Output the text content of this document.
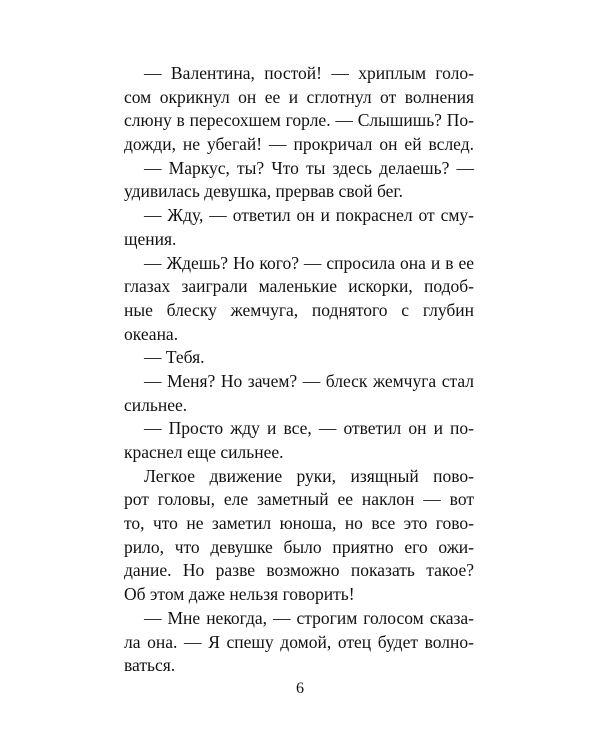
— Валентина, постой! — хриплым голо-

сом окрикнул он ее и сглотнул от волнения

слюну в пересохшем горле. — Слышишь? По-

дожди, не убегай! — прокричал он ей вслед.

— Маркус, ты? Что ты здесь делаешь? —

удивилась девушка, прервав свой бег.

— Жду, — ответил он и покраснел от сму-

щения.

— Ждешь? Но кого? — спросила она и в ее

глазах заиграли маленькие искорки, подоб-

ные блеску жемчуга, поднятого с глубин

океана.

— Тебя.

— Меня? Но зачем? — блеск жемчуга стал

сильнее.

— Просто жду и все, — ответил он и по-

краснел еще сильнее.

Легкое движение руки, изящный пово-

рот головы, еле заметный ее наклон — вот

то, что не заметил юноша, но все это гово-

рило, что девушке было приятно его ожи-

дание. Но разве возможно показать такое?

Об этом даже нельзя говорить!

— Мне некогда, — строгим голосом сказа-

ла она. — Я спешу домой, отец будет волно-

ваться.

6
